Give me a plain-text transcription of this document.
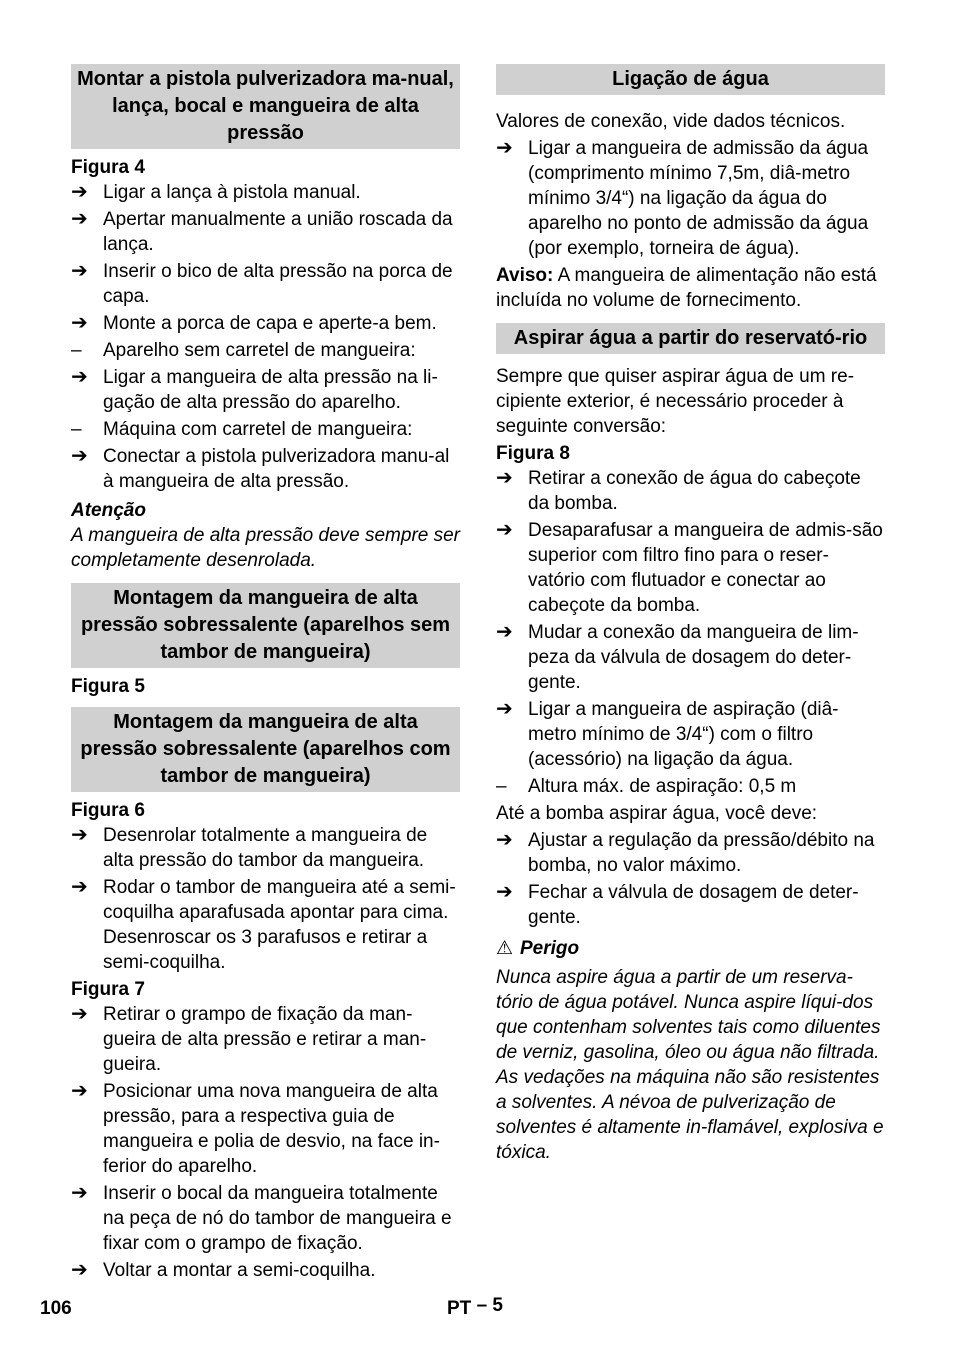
Montar a pistola pulverizadora ma-nual, lança, bocal e mangueira de alta pressão
Figura 4
➔ Ligar a lança à pistola manual.
➔ Apertar manualmente a união roscada da lança.
➔ Inserir o bico de alta pressão na porca de capa.
➔ Monte a porca de capa e aperte-a bem.
–	Aparelho sem carretel de mangueira:
➔ Ligar a mangueira de alta pressão na li-gação de alta pressão do aparelho.
–	Máquina com carretel de mangueira:
➔ Conectar a pistola pulverizadora manu-al à mangueira de alta pressão.
Atenção

A mangueira de alta pressão deve sempre ser completamente desenrolada.

Montagem da mangueira de alta pressão sobressalente (aparelhos sem tambor de mangueira)
Figura 5
Montagem da mangueira de alta pressão sobressalente (aparelhos com tambor de mangueira)
Figura 6
➔ Desenrolar totalmente a mangueira de alta pressão do tambor da mangueira.
➔ Rodar o tambor de mangueira até a semi-coquilha aparafusada apontar para cima. Desenroscar os 3 parafusos e retirar a semi-coquilha.
Figura 7
➔ Retirar o grampo de fixação da man-gueira de alta pressão e retirar a man-gueira.
➔ Posicionar uma nova mangueira de alta pressão, para a respectiva guia de mangueira e polia de desvio, na face in-ferior do aparelho.
➔ Inserir o bocal da mangueira totalmente na peça de nó do tambor de mangueira e fixar com o grampo de fixação.
➔ Voltar a montar a semi-coquilha.
Ligação de água

Valores de conexão, vide dados técnicos.

➔ Ligar a mangueira de admissão da água (comprimento mínimo 7,5m, diâ-metro mínimo 3/4“) na ligação da água do aparelho no ponto de admissão da água (por exemplo, torneira de água).

Aviso: A mangueira de alimentação não está incluída no volume de fornecimento.

Aspirar água a partir do reservató-rio

Sempre que quiser aspirar água de um re-cipiente exterior, é necessário proceder à seguinte conversão:

Figura 8
➔ Retirar a conexão de água do cabeçote da bomba.
➔ Desaparafusar a mangueira de admis-são superior com filtro fino para o reser-vatório com flutuador e conectar ao cabeçote da bomba.
➔ Mudar a conexão da mangueira de lim-peza da válvula de dosagem do deter-gente.
➔ Ligar a mangueira de aspiração (diâ-metro mínimo de 3/4“) com o filtro (acessório) na ligação da água.
–	Altura máx. de aspiração: 0,5 m

Até a bomba aspirar água, você deve:

➔ Ajustar a regulação da pressão/débito na bomba, no valor máximo.
➔ Fechar a válvula de dosagem de deter-gente.
⚠ Perigo

Nunca aspire água a partir de um reserva-tório de água potável. Nunca aspire líqui-dos que contenham solventes tais como diluentes de verniz, gasolina, óleo ou água não filtrada. As vedações na máquina não são resistentes a solventes. A névoa de pulverização de solventes é altamente in-flamável, explosiva e tóxica.

106	PT – 5
